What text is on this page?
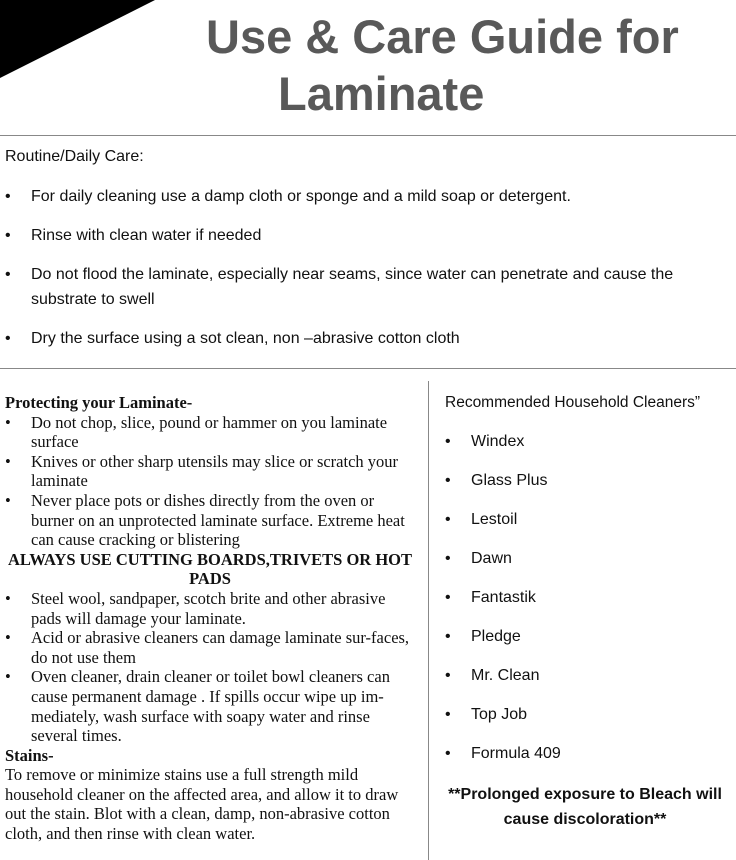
Use & Care Guide for
Laminate
Routine/Daily Care:
• For daily cleaning use a damp cloth or sponge and a mild soap or detergent.
• Rinse with clean water if needed
• Do not flood the laminate, especially near seams, since water can penetrate and cause the substrate to swell
• Dry the surface using a sot clean, non –abrasive cotton cloth

Protecting your Laminate-

• Do not chop, slice, pound or hammer on you laminate surface
• Knives or other sharp utensils may slice or scratch your laminate
• Never place pots or dishes directly from the oven or burner on an unprotected laminate surface. Extreme heat can cause cracking or blistering

ALWAYS USE CUTTING BOARDS,TRIVETS OR HOT PADS

• Steel wool, sandpaper, scotch brite and other abrasive pads will damage your laminate.
• Acid or abrasive cleaners can damage laminate sur-faces, do not use them
• Oven cleaner, drain cleaner or toilet bowl cleaners can cause permanent damage . If spills occur wipe up im-mediately, wash surface with soapy water and rinse several times.

Stains-

To remove or minimize stains use a full strength mild household cleaner on the affected area, and allow it to draw out the stain. Blot with a clean, damp, non-abrasive cotton cloth, and then rinse with clean water.

Recommended Household Cleaners”
• Windex
• Glass Plus
• Lestoil
• Dawn
• Fantastik
• Pledge
• Mr. Clean
• Top Job
• Formula 409
**Prolonged exposure to Bleach will cause discoloration**
